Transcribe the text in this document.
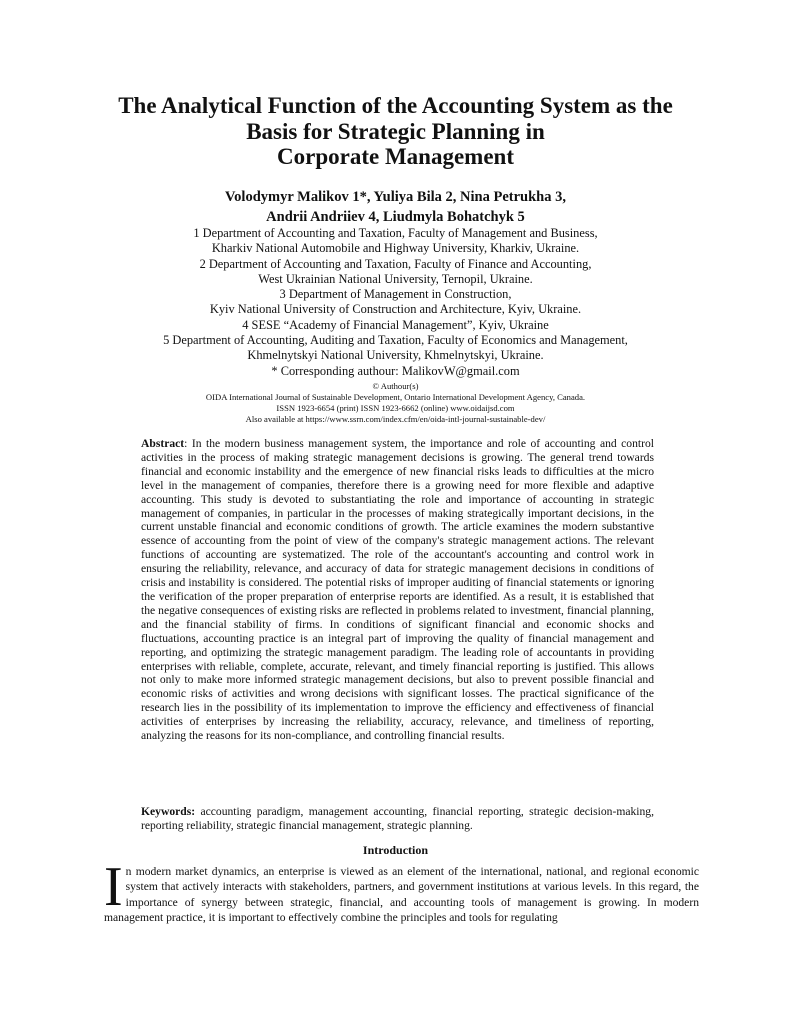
The Analytical Function of the Accounting System as the
Basis for Strategic Planning in
Corporate Management

Volodymyr Malikov 1*, Yuliya Bila 2, Nina Petrukha 3,
Andrii Andriiev 4, Liudmyla Bohatchyk 5

1 Department of Accounting and Taxation, Faculty of Management and Business,
Kharkiv National Automobile and Highway University, Kharkiv, Ukraine.
2 Department of Accounting and Taxation, Faculty of Finance and Accounting,
West Ukrainian National University, Ternopil, Ukraine.
3 Department of Management in Construction,
Kyiv National University of Construction and Architecture, Kyiv, Ukraine.
4 SESE “Academy of Financial Management”, Kyiv, Ukraine
5 Department of Accounting, Auditing and Taxation, Faculty of Economics and Management,
Khmelnytskyi National University, Khmelnytskyi, Ukraine.
* Corresponding authour: MalikovW@gmail.com

© Authour(s)
OIDA International Journal of Sustainable Development, Ontario International Development Agency, Canada.
ISSN 1923-6654 (print) ISSN 1923-6662 (online) www.oidaijsd.com
Also available at https://www.ssrn.com/index.cfm/en/oida-intl-journal-sustainable-dev/

Abstract: In the modern business management system, the importance and role of accounting and control activities in the process of making strategic management decisions is growing. The general trend towards financial and economic instability and the emergence of new financial risks leads to difficulties at the micro level in the management of companies, therefore there is a growing need for more flexible and adaptive accounting. This study is devoted to substantiating the role and importance of accounting in strategic management of companies, in particular in the processes of making strategically important decisions, in the current unstable financial and economic conditions of growth. The article examines the modern substantive essence of accounting from the point of view of the company's strategic management actions. The relevant functions of accounting are systematized. The role of the accountant's accounting and control work in ensuring the reliability, relevance, and accuracy of data for strategic management decisions in conditions of crisis and instability is considered. The potential risks of improper auditing of financial statements or ignoring the verification of the proper preparation of enterprise reports are identified. As a result, it is established that the negative consequences of existing risks are reflected in problems related to investment, financial planning, and the financial stability of firms. In conditions of significant financial and economic shocks and fluctuations, accounting practice is an integral part of improving the quality of financial management and reporting, and optimizing the strategic management paradigm. The leading role of accountants in providing enterprises with reliable, complete, accurate, relevant, and timely financial reporting is justified. This allows not only to make more informed strategic management decisions, but also to prevent possible financial and economic risks of activities and wrong decisions with significant losses. The practical significance of the research lies in the possibility of its implementation to improve the efficiency and effectiveness of financial activities of enterprises by increasing the reliability, accuracy, relevance, and timeliness of reporting, analyzing the reasons for its non-compliance, and controlling financial results.

Keywords: accounting paradigm, management accounting, financial reporting, strategic decision-making, reporting reliability, strategic financial management, strategic planning.

Introduction

In modern market dynamics, an enterprise is viewed as an element of the international, national, and regional economic system that actively interacts with stakeholders, partners, and government institutions at various levels. In this regard, the importance of synergy between strategic, financial, and accounting tools of management is growing. In modern management practice, it is important to effectively combine the principles and tools for regulating
